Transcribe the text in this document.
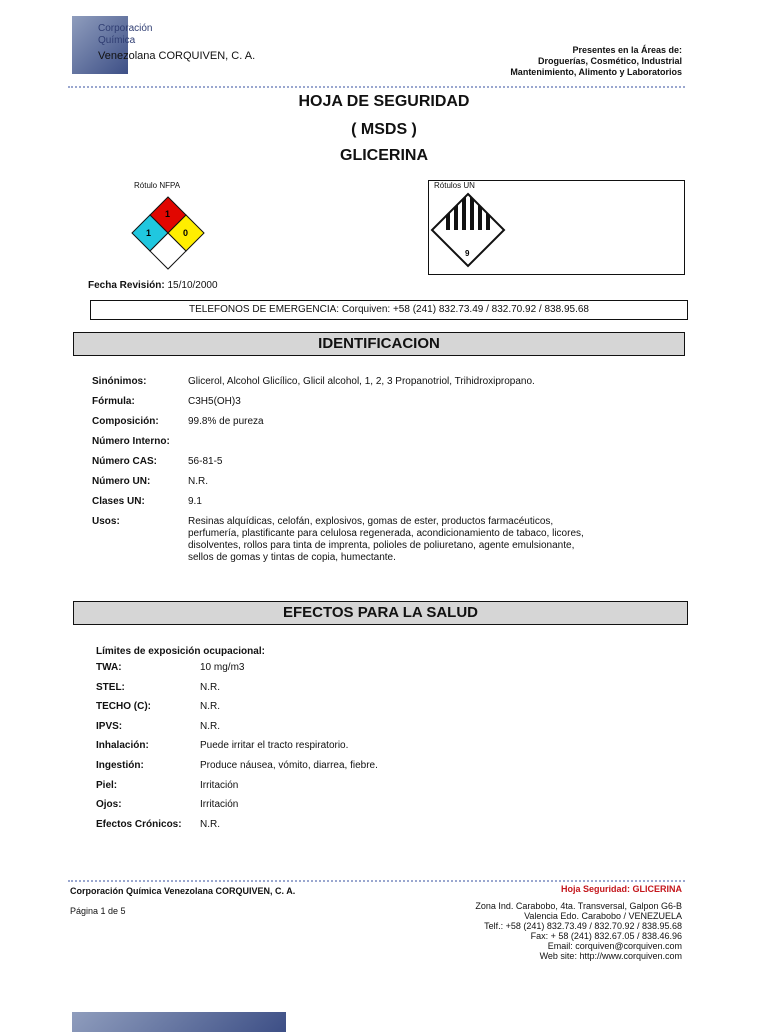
Corporación
Química
Venezolana CORQUIVEN, C. A.	Presentes en la Áreas de:
Droguerías, Cosmético, Industrial
Mantenimiento, Alimento y Laboratorios
HOJA DE SEGURIDAD
( MSDS )
GLICERINA
Rótulo NFPA
1
1	0
Rótulos UN
9
Fecha Revisión: 15/10/2000
TELEFONOS DE EMERGENCIA: Corquiven: +58 (241) 832.73.49 / 832.70.92 / 838.95.68
IDENTIFICACION
Sinónimos:	Glicerol, Alcohol Glicílico, Glicil alcohol, 1, 2, 3 Propanotriol, Trihidroxipropano.
Fórmula:	C3H5(OH)3
Composición:	99.8% de pureza
Número Interno:
Número CAS:	56-81-5
Número UN:	N.R.
Clases UN:	9.1
Usos:	Resinas alquídicas, celofán, explosivos, gomas de ester, productos farmacéuticos, perfumería, plastificante para celulosa regenerada, acondicionamiento de tabaco, licores, disolventes, rollos para tinta de imprenta, polioles de poliuretano, agente emulsionante, sellos de gomas y tintas de copia, humectante.
EFECTOS PARA LA SALUD
Límites de exposición ocupacional:
TWA:	10 mg/m3
STEL:	N.R.
TECHO (C):	N.R.
IPVS:	N.R.
Inhalación:	Puede irritar el tracto respiratorio.
Ingestión:	Produce náusea, vómito, diarrea, fiebre.
Piel:	Irritación
Ojos:	Irritación
Efectos Crónicos:	N.R.
Corporación Química Venezolana CORQUIVEN, C. A.
Página 1 de 5
Hoja Seguridad: GLICERINA
Zona Ind. Carabobo, 4ta. Transversal, Galpon G6-B
Valencia Edo. Carabobo / VENEZUELA
Telf.: +58 (241) 832.73.49 / 832.70.92 / 838.95.68
Fax: + 58 (241) 832.67.05 / 838.46.96
Email: corquiven@corquiven.com
Web site: http://www.corquiven.com
